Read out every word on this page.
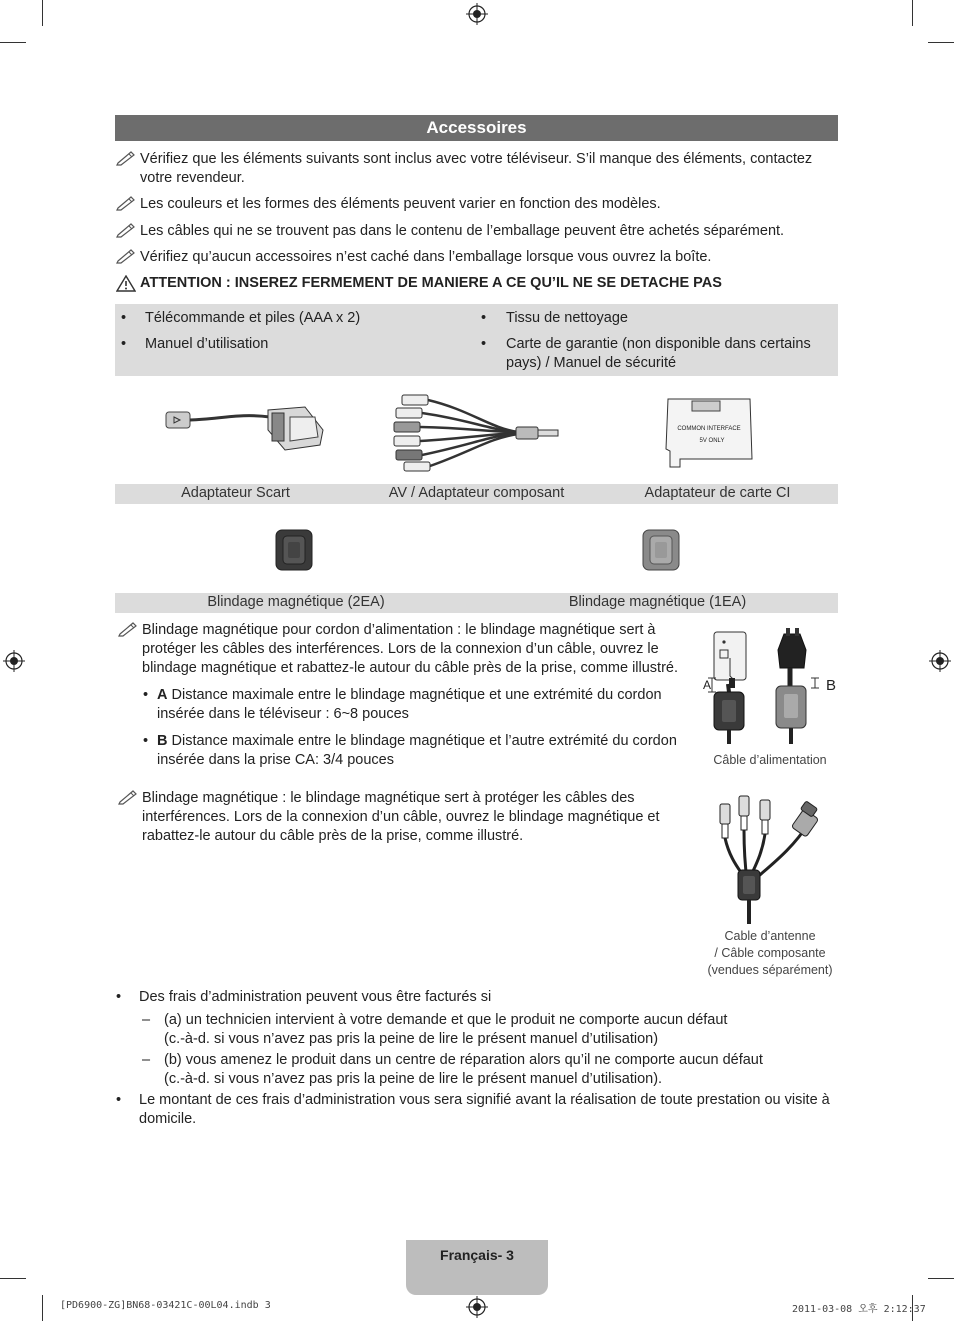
Accessoires
Vérifiez que les éléments suivants sont inclus avec votre téléviseur. S’il manque des éléments, contactez votre revendeur.
Les couleurs et les formes des éléments peuvent varier en fonction des modèles.
Les câbles qui ne se trouvent pas dans le contenu de l’emballage peuvent être achetés séparément.
Vérifiez qu’aucun accessoires n’est caché dans l’emballage lorsque vous ouvrez la boîte.
ATTENTION : INSEREZ FERMEMENT DE MANIERE A CE QU’IL NE SE DETACHE PAS
• Télécommande et piles (AAA x 2)
• Manuel d’utilisation
• Tissu de nettoyage
• Carte de garantie (non disponible dans certains pays) / Manuel de sécurité
COMMON INTERFACE
5V ONLY
Adaptateur Scart	AV / Adaptateur composant	Adaptateur de carte CI
Blindage magnétique (2EA)	Blindage magnétique (1EA)
Blindage magnétique pour cordon d’alimentation : le blindage magnétique sert à protéger les câbles des interférences. Lors de la connexion d’un câble, ouvrez le blindage magnétique et rabattez-le autour du câble près de la prise, comme illustré.
• A Distance maximale entre le blindage magnétique et une extrémité du cordon insérée dans le téléviseur : 6~8 pouces
• B Distance maximale entre le blindage magnétique et l’autre extrémité du cordon insérée dans la prise CA: 3/4 pouces
A	B
Câble d’alimentation
Blindage magnétique : le blindage magnétique sert à protéger les câbles des interférences. Lors de la connexion d’un câble, ouvrez le blindage magnétique et rabattez-le autour du câble près de la prise, comme illustré.
Cable d’antenne
/ Câble composante
(vendues séparément)
• Des frais d’administration peuvent vous être facturés si
– (a) un technicien intervient à votre demande et que le produit ne comporte aucun défaut
(c.-à-d. si vous n’avez pas pris la peine de lire le présent manuel d’utilisation)
– (b) vous amenez le produit dans un centre de réparation alors qu’il ne comporte aucun défaut
(c.-à-d. si vous n’avez pas pris la peine de lire le présent manuel d’utilisation).
• Le montant de ces frais d’administration vous sera signifié avant la réalisation de toute prestation ou visite à domicile.
Français- 3
[PD6900-ZG]BN68-03421C-00L04.indb 3	2011-03-08 오후 2:12:37
